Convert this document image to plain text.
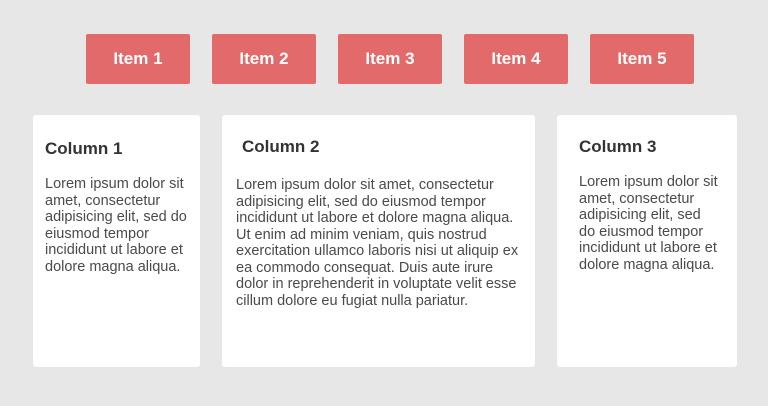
Item 1	Item 2	Item 3	Item 4	Item 5
Column 1

Lorem ipsum dolor sit amet, consectetur adipisicing elit, sed do eiusmod tempor incididunt ut labore et dolore magna aliqua.

Column 2

Lorem ipsum dolor sit amet, consectetur adipisicing elit, sed do eiusmod tempor incididunt ut labore et dolore magna aliqua. Ut enim ad minim veniam, quis nostrud exercitation ullamco laboris nisi ut aliquip ex ea commodo consequat. Duis aute irure dolor in reprehenderit in voluptate velit esse cillum dolore eu fugiat nulla pariatur.

Column 3

Lorem ipsum dolor sit amet, consectetur adipisicing elit, sed do eiusmod tempor incididunt ut labore et dolore magna aliqua.
